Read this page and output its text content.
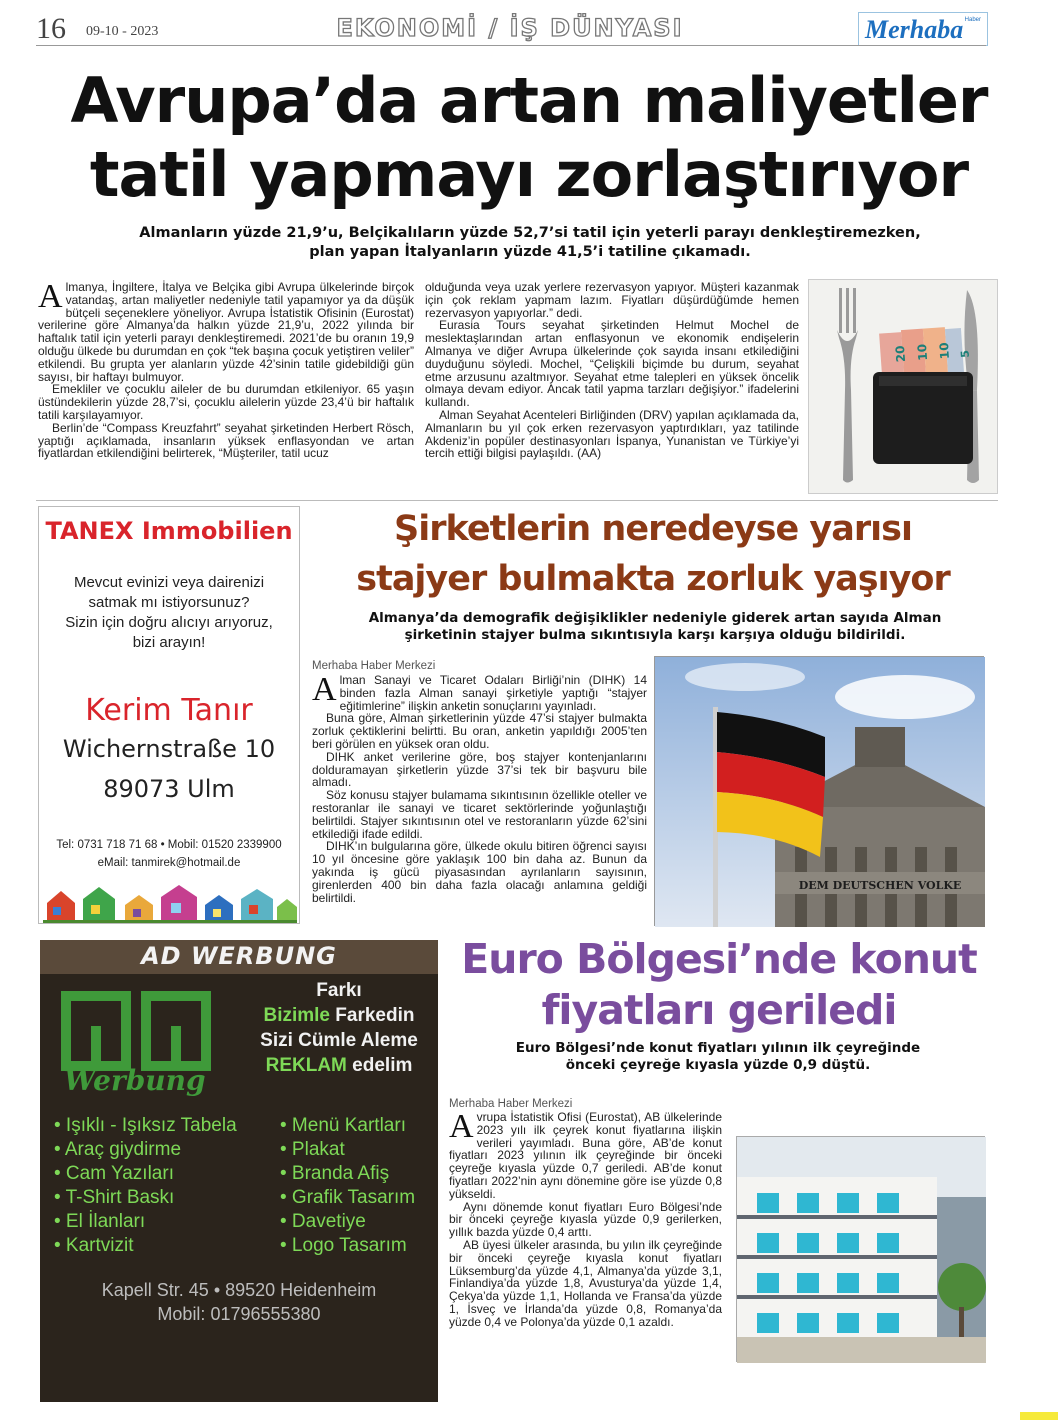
16 09-10 - 2023	EKONOMİ / İŞ DÜNYASI	Merhaba Haber
Avrupa’da artan maliyetler
tatil yapmayı zorlaştırıyor
Almanların yüzde 21,9’u, Belçikalıların yüzde 52,7’si tatil için yeterli parayı denkleştiremezken,
plan yapan İtalyanların yüzde 41,5’i tatiline çıkamadı.

Almanya, İngiltere, İtalya ve Belçika gibi Avrupa ülkelerinde birçok vatandaş, artan maliyetler nedeniyle tatil yapamıyor ya da düşük bütçeli seçeneklere yöneliyor. Avrupa İstatistik Ofisinin (Eurostat) verilerine göre Almanya’da halkın yüzde 21,9’u, 2022 yılında bir haftalık tatil için yeterli parayı denkleştiremedi. 2021’de bu oranın 19,9 olduğu ülkede bu durumdan en çok “tek başına çocuk yetiştiren veliler” etkilendi. Bu grupta yer alanların yüzde 42’sinin tatile gidebildiği gün sayısı, bir haftayı bulmuyor.

Emekliler ve çocuklu aileler de bu durumdan etkileniyor. 65 yaşın üstündekilerin yüzde 28,7’si, çocuklu ailelerin yüzde 23,4’ü bir haftalık tatili karşılayamıyor.

Berlin’de “Compass Kreuzfahrt” seyahat şirketinden Herbert Rösch, yaptığı açıklamada, insanların yüksek enflasyondan ve artan fiyatlardan etkilendiğini belirterek, “Müşteriler, tatil ucuz

olduğunda veya uzak yerlere rezervasyon yapıyor. Müşteri kazanmak için çok reklam yapmam lazım. Fiyatları düşürdüğümde hemen rezervasyon yapıyorlar.” dedi.

Eurasia Tours seyahat şirketinden Helmut Mochel de meslektaşlarından artan enflasyonun ve ekonomik endişelerin Almanya ve diğer Avrupa ülkelerinde çok sayıda insanı etkilediğini duyduğunu söyledi. Mochel, “Çelişkili biçimde bu durum, seyahat etme arzusunu azaltmıyor. Seyahat etme talepleri en yüksek öncelik olmaya devam ediyor. Ancak tatil yapma tarzları değişiyor.” ifadelerini kullandı.

Alman Seyahat Acenteleri Birliğinden (DRV) yapılan açıklamada da, Almanların bu yıl çok erken rezervasyon yaptırdıkları, yaz tatilinde Akdeniz’in popüler destinasyonları İspanya, Yunanistan ve Türkiye’yi tercih ettiği bilgisi paylaşıldı. (AA)

20 10 10 5
TANEX Immobilien
Mevcut evinizi veya dairenizi
satmak mı istiyorsunuz?
Sizin için doğru alıcıyı arıyoruz,
bizi arayın!
Kerim Tanır
Wichernstraße 10
89073 Ulm
Tel: 0731 718 71 68 • Mobil: 01520 2339900
eMail: tanmirek@hotmail.de
Şirketlerin neredeyse yarısı
stajyer bulmakta zorluk yaşıyor
Almanya’da demografik değişiklikler nedeniyle giderek artan sayıda Alman
şirketinin stajyer bulma sıkıntısıyla karşı karşıya olduğu bildirildi.
Merhaba Haber Merkezi

Alman Sanayi ve Ticaret Odaları Birliği’nin (DIHK) 14 binden fazla Alman sanayi şirketiyle yaptığı “stajyer eğitimlerine” ilişkin anketin sonuçlarını yayınladı.

Buna göre, Alman şirketlerinin yüzde 47’si stajyer bulmakta zorluk çektiklerini belirtti. Bu oran, anketin yapıldığı 2005’ten beri görülen en yüksek oran oldu.

DIHK anket verilerine göre, boş stajyer kontenjanlarını dolduramayan şirketlerin yüzde 37’si tek bir başvuru bile almadı.

Söz konusu stajyer bulamama sıkıntısının özellikle oteller ve restoranlar ile sanayi ve ticaret sektörlerinde yoğunlaştığı belirtildi. Stajyer sıkıntısının otel ve restoranların yüzde 62’sini etkilediği ifade edildi.

DIHK’ın bulgularına göre, ülkede okulu bitiren öğrenci sayısı 10 yıl öncesine göre yaklaşık 100 bin daha az. Bunun da yakında iş gücü piyasasından ayrılanların sayısının, girenlerden 400 bin daha fazla olacağı anlamına geldiği belirtildi.

DEM DEUTSCHEN VOLKE
AD WERBUNG
Werbung
Farkı
Bizimle Farkedin
Sizi Cümle Aleme
REKLAM edelim
• Işıklı - Işıksız Tabela
• Araç giydirme
• Cam Yazıları
• T-Shirt Baskı
• El İlanları
• Kartvizit
• Menü Kartları
• Plakat
• Branda Afiş
• Grafik Tasarım
• Davetiye
• Logo Tasarım
Kapell Str. 45 • 89520 Heidenheim
Mobil: 01796555380
Euro Bölgesi’nde konut
fiyatları geriledi
Euro Bölgesi’nde konut fiyatları yılının ilk çeyreğinde
önceki çeyreğe kıyasla yüzde 0,9 düştü.
Merhaba Haber Merkezi

Avrupa İstatistik Ofisi (Eurostat), AB ülkelerinde 2023 yılı ilk çeyrek konut fiyatlarına ilişkin verileri yayımladı. Buna göre, AB’de konut fiyatları 2023 yılının ilk çeyreğinde bir önceki çeyreğe kıyasla yüzde 0,7 geriledi. AB’de konut fiyatları 2022’nin aynı dönemine göre ise yüzde 0,8 yükseldi.

Aynı dönemde konut fiyatları Euro Bölgesi’nde bir önceki çeyreğe kıyasla yüzde 0,9 gerilerken, yıllık bazda yüzde 0,4 arttı.

AB üyesi ülkeler arasında, bu yılın ilk çeyreğinde bir önceki çeyreğe kıyasla konut fiyatları Lüksemburg’da yüzde 4,1, Almanya’da yüzde 3,1, Finlandiya’da yüzde 1,8, Avusturya’da yüzde 1,4, Çekya’da yüzde 1,1, Hollanda ve Fransa’da yüzde 1, İsveç ve İrlanda’da yüzde 0,8, Romanya’da yüzde 0,4 ve Polonya’da yüzde 0,1 azaldı.
